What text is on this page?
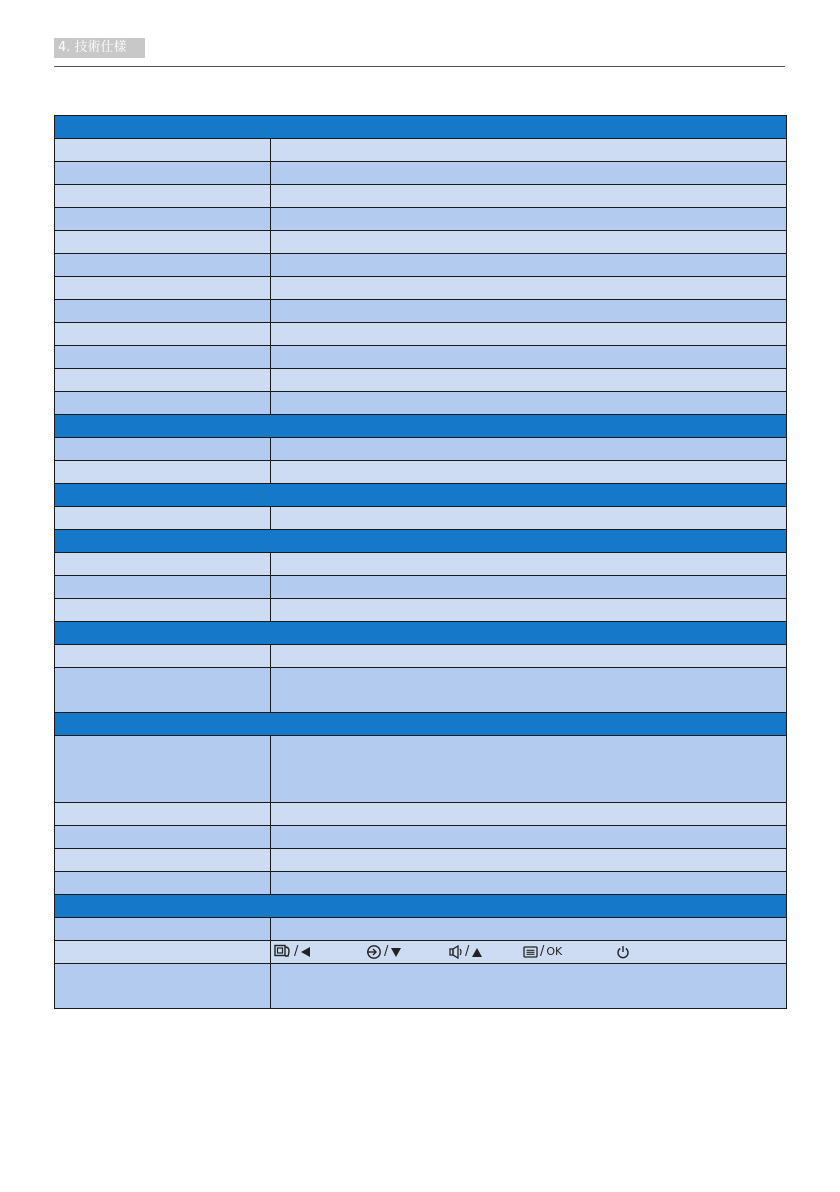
4. 技術仕樣

	/ / / / OK
